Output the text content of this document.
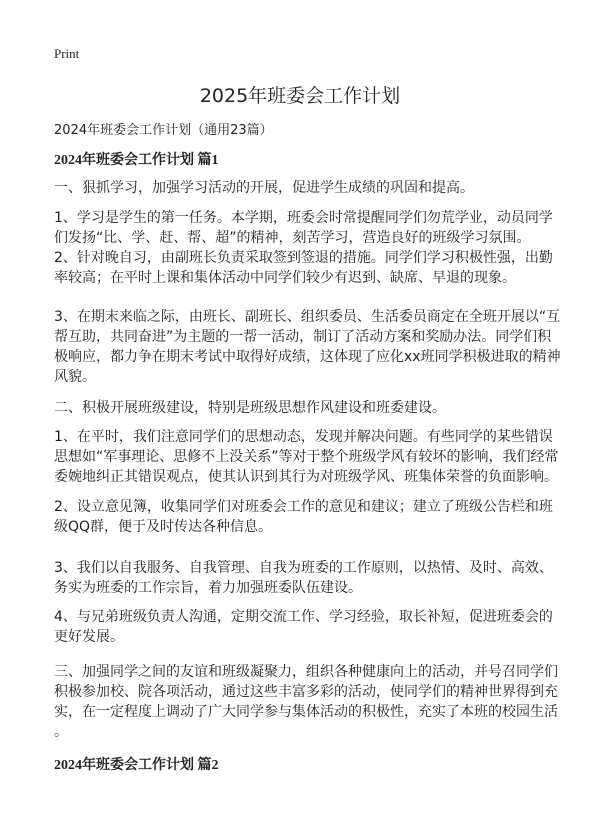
Print
2025年班委会工作计划
2024年班委会工作计划（通用23篇）
2024年班委会工作计划 篇1
一、狠抓学习，加强学习活动的开展，促进学生成绩的巩固和提高。
1、学习是学生的第一任务。本学期，班委会时常提醒同学们勿荒学业，动员同学
们发扬“比、学、赶、帮、超”的精神，刻苦学习，营造良好的班级学习氛围。
2、针对晚自习，由副班长负责采取签到签退的措施。同学们学习积极性强，出勤
率较高；在平时上课和集体活动中同学们较少有迟到、缺席、早退的现象。
3、在期末来临之际，由班长、副班长、组织委员、生活委员商定在全班开展以“互
帮互助，共同奋进”为主题的一帮一活动，制订了活动方案和奖励办法。同学们积
极响应，都力争在期末考试中取得好成绩，这体现了应化xx班同学积极进取的精神
风貌。
二、积极开展班级建设，特别是班级思想作风建设和班委建设。
1、在平时，我们注意同学们的思想动态，发现并解决问题。有些同学的某些错误
思想如“军事理论、思修不上没关系”等对于整个班级学风有较坏的影响，我们经常
委婉地纠正其错误观点，使其认识到其行为对班级学风、班集体荣誉的负面影响。
2、设立意见簿，收集同学们对班委会工作的意见和建议；建立了班级公告栏和班
级QQ群，便于及时传达各种信息。
3、我们以自我服务、自我管理、自我为班委的工作原则，以热情、及时、高效、
务实为班委的工作宗旨，着力加强班委队伍建设。
4、与兄弟班级负责人沟通，定期交流工作、学习经验，取长补短，促进班委会的
更好发展。
三、加强同学之间的友谊和班级凝聚力，组织各种健康向上的活动，并号召同学们
积极参加校、院各项活动，通过这些丰富多彩的活动，使同学们的精神世界得到充
实，在一定程度上调动了广大同学参与集体活动的积极性，充实了本班的校园生活
。
2024年班委会工作计划 篇2
